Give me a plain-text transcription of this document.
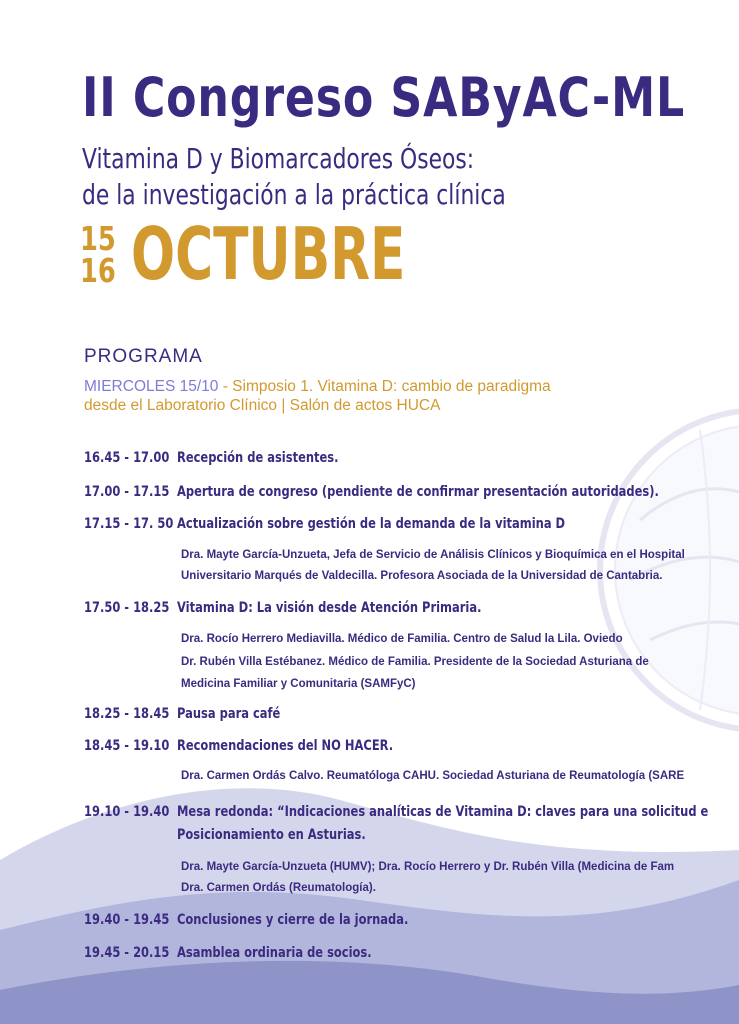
II Congreso SAByAC-ML
Vitamina D y Biomarcadores Óseos:
de la investigación a la práctica clínica
15
16 OCTUBRE
PROGRAMA
MIERCOLES 15/10 - Simposio 1. Vitamina D: cambio de paradigma
desde el Laboratorio Clínico | Salón de actos HUCA
16.45 - 17.00 Recepción de asistentes.
17.00 - 17.15 Apertura de congreso (pendiente de confirmar presentación autoridades).
17.15 - 17. 50 Actualización sobre gestión de la demanda de la vitamina D
Dra. Mayte García-Unzueta, Jefa de Servicio de Análisis Clínicos y Bioquímica en el Hospital
Universitario Marqués de Valdecilla. Profesora Asociada de la Universidad de Cantabria.
17.50 - 18.25 Vitamina D: La visión desde Atención Primaria.
Dra. Rocío Herrero Mediavilla. Médico de Familia. Centro de Salud la Lila. Oviedo
Dr. Rubén Villa Estébanez. Médico de Familia. Presidente de la Sociedad Asturiana de
Medicina Familiar y Comunitaria (SAMFyC)
18.25 - 18.45 Pausa para café
18.45 - 19.10 Recomendaciones del NO HACER.
Dra. Carmen Ordás Calvo. Reumatóloga CAHU. Sociedad Asturiana de Reumatología (SARE
19.10 - 19.40 Mesa redonda: “Indicaciones analíticas de Vitamina D: claves para una solicitud e
Posicionamiento en Asturias.
Dra. Mayte García-Unzueta (HUMV); Dra. Rocío Herrero y Dr. Rubén Villa (Medicina de Fam
Dra. Carmen Ordás (Reumatología).
19.40 - 19.45 Conclusiones y cierre de la jornada.
19.45 - 20.15 Asamblea ordinaria de socios.
